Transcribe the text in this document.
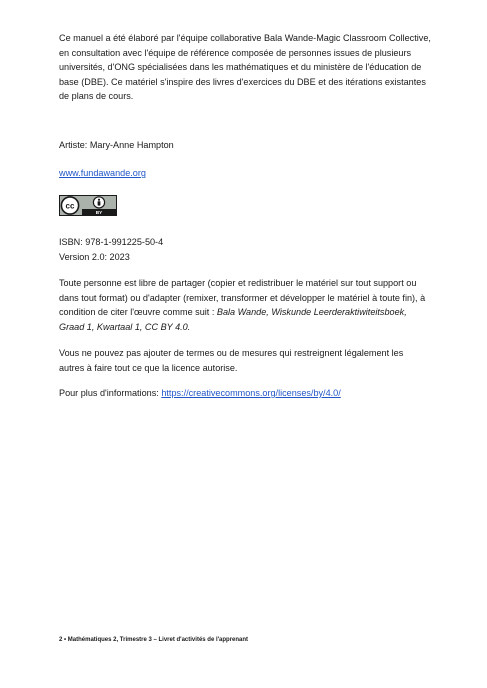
Ce manuel a été élaboré par l'équipe collaborative Bala Wande-Magic Classroom Collective, en consultation avec l'équipe de référence composée de personnes issues de plusieurs universités, d'ONG spécialisées dans les mathématiques et du ministère de l'éducation de base (DBE). Ce matériel s'inspire des livres d'exercices du DBE et des itérations existantes de plans de cours.

Artiste: Mary-Anne Hampton

www.fundawande.org
cc
BY

ISBN: 978-1-991225-50-4

Version 2.0: 2023

Toute personne est libre de partager (copier et redistribuer le matériel sur tout support ou dans tout format) ou d'adapter (remixer, transformer et développer le matériel à toute fin), à condition de citer l'œuvre comme suit : Bala Wande, Wiskunde Leerderaktiwiteitsboek, Graad 1, Kwartaal 1, CC BY 4.0.

Vous ne pouvez pas ajouter de termes ou de mesures qui restreignent légalement les autres à faire tout ce que la licence autorise.

Pour plus d'informations: https://creativecommons.org/licenses/by/4.0/

2 • Mathématiques 2, Trimestre 3 – Livret d'activités de l'apprenant
